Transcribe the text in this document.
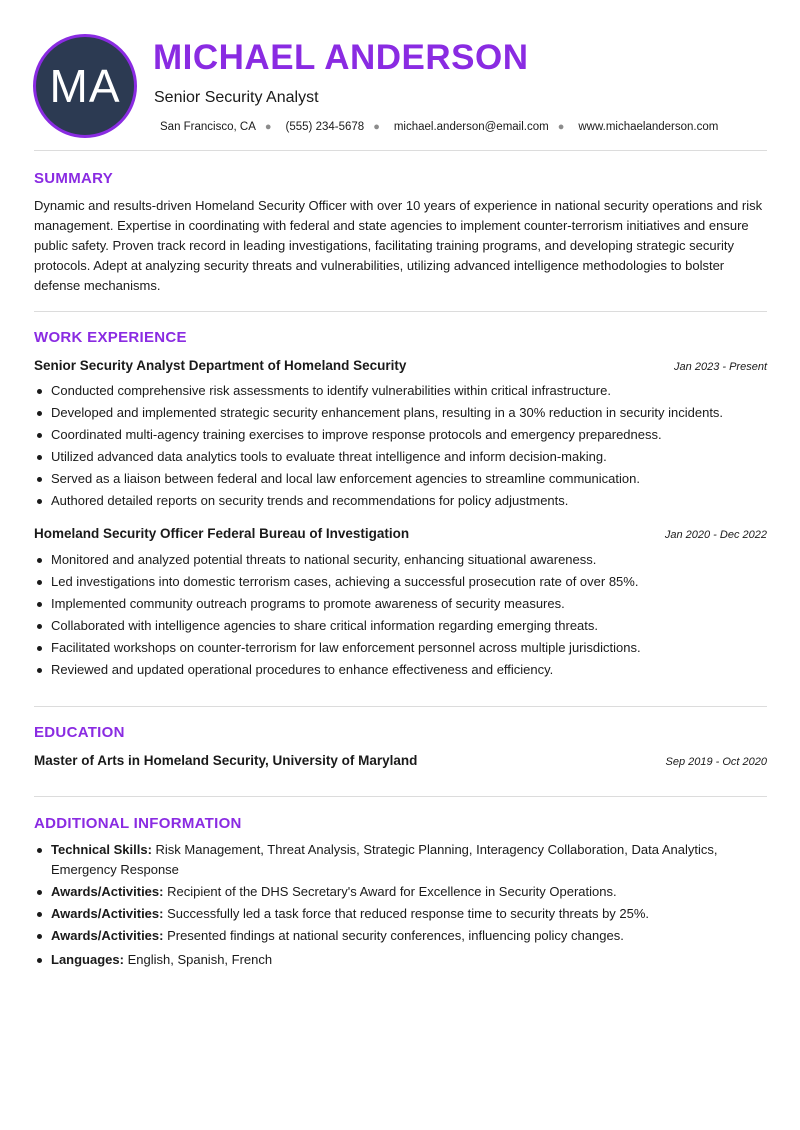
MA
MICHAEL ANDERSON
Senior Security Analyst
San Francisco, CA ● (555) 234-5678 ● michael.anderson@email.com ● www.michaelanderson.com
SUMMARY

Dynamic and results-driven Homeland Security Officer with over 10 years of experience in national security operations and risk management. Expertise in coordinating with federal and state agencies to implement counter-terrorism initiatives and ensure public safety. Proven track record in leading investigations, facilitating training programs, and developing strategic security protocols. Adept at analyzing security threats and vulnerabilities, utilizing advanced intelligence methodologies to bolster defense mechanisms.

WORK EXPERIENCE
Senior Security Analyst Department of Homeland Security	Jan 2023 - Present
Conducted comprehensive risk assessments to identify vulnerabilities within critical infrastructure.
Developed and implemented strategic security enhancement plans, resulting in a 30% reduction in security incidents.
Coordinated multi-agency training exercises to improve response protocols and emergency preparedness.
Utilized advanced data analytics tools to evaluate threat intelligence and inform decision-making.
Served as a liaison between federal and local law enforcement agencies to streamline communication.
Authored detailed reports on security trends and recommendations for policy adjustments.
Homeland Security Officer Federal Bureau of Investigation	Jan 2020 - Dec 2022
Monitored and analyzed potential threats to national security, enhancing situational awareness.
Led investigations into domestic terrorism cases, achieving a successful prosecution rate of over 85%.
Implemented community outreach programs to promote awareness of security measures.
Collaborated with intelligence agencies to share critical information regarding emerging threats.
Facilitated workshops on counter-terrorism for law enforcement personnel across multiple jurisdictions.
Reviewed and updated operational procedures to enhance effectiveness and efficiency.
EDUCATION
Master of Arts in Homeland Security, University of Maryland	Sep 2019 - Oct 2020
ADDITIONAL INFORMATION
Technical Skills: Risk Management, Threat Analysis, Strategic Planning, Interagency Collaboration, Data Analytics, Emergency Response
Awards/Activities: Recipient of the DHS Secretary's Award for Excellence in Security Operations.
Awards/Activities: Successfully led a task force that reduced response time to security threats by 25%.
Awards/Activities: Presented findings at national security conferences, influencing policy changes.
Languages: English, Spanish, French
